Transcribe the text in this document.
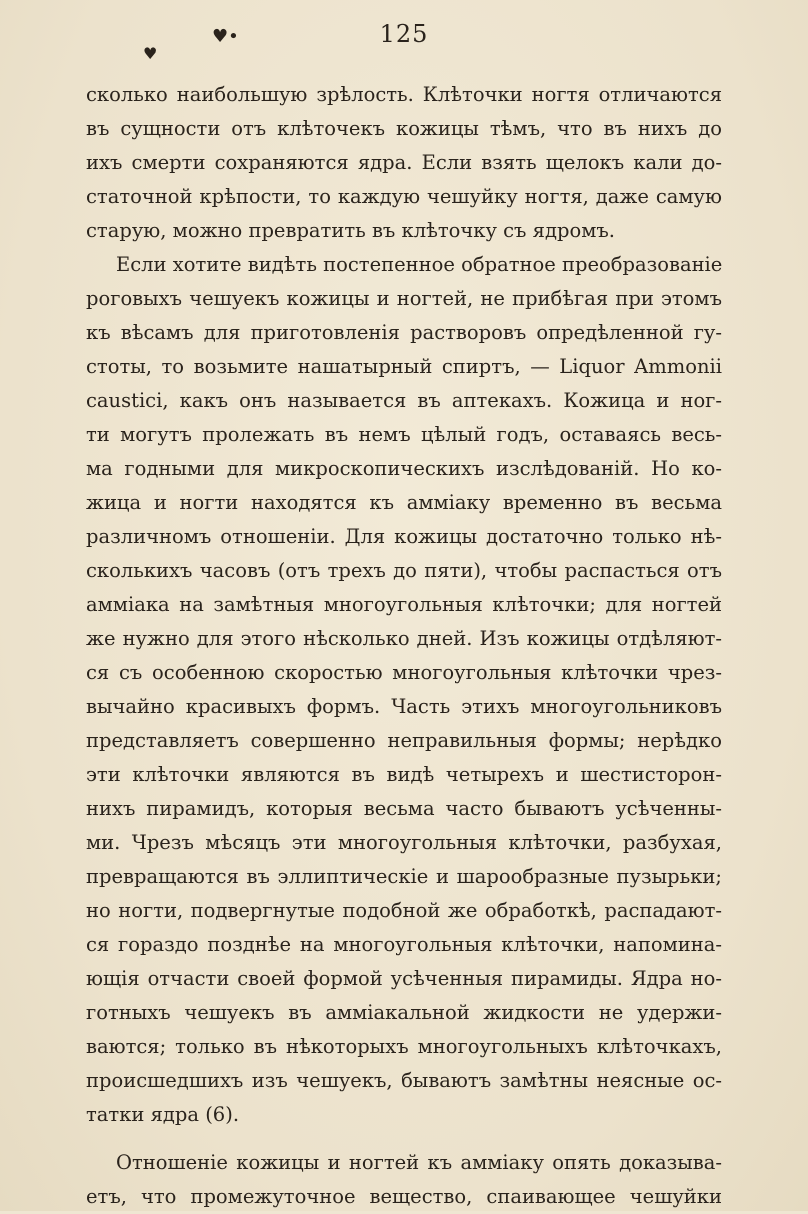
♥
♥•	125
сколько наибольшую зрѣлость. Клѣточки ногтя отличаются
въ сущности отъ клѣточекъ кожицы тѣмъ, что въ нихъ до
ихъ смерти сохраняются ядра. Если взять щелокъ кали до-
статочной крѣпости, то каждую чешуйку ногтя, даже самую
старую, можно превратить въ клѣточку съ ядромъ.
Если хотите видѣть постепенное обратное преобразованіе
роговыхъ чешуекъ кожицы и ногтей, не прибѣгая при этомъ
къ вѣсамъ для приготовленія растворовъ опредѣленной гу-
стоты, то возьмите нашатырный спиртъ, — Liquor Ammonii
caustici, какъ онъ называется въ аптекахъ. Кожица и ног-
ти могутъ пролежать въ немъ цѣлый годъ, оставаясь весь-
ма годными для микроскопическихъ изслѣдованій. Но ко-
жица и ногти находятся къ аммiаку временно въ весьма
различномъ отношеніи. Для кожицы достаточно только нѣ-
сколькихъ часовъ (отъ трехъ до пяти), чтобы распасться отъ
аммiака на замѣтныя многоугольныя клѣточки; для ногтей
же нужно для этого нѣсколько дней. Изъ кожицы отдѣляют-
ся съ особенною скоростью многоугольныя клѣточки чрез-
вычайно красивыхъ формъ. Часть этихъ многоугольниковъ
представляетъ совершенно неправильныя формы; нерѣдко
эти клѣточки являются въ видѣ четырехъ и шестисторон-
нихъ пирамидъ, которыя весьма часто бываютъ усѣченны-
ми. Чрезъ мѣсяцъ эти многоугольныя клѣточки, разбухая,
превращаются въ эллиптическіе и шарообразные пузырьки;
но ногти, подвергнутые подобной же обработкѣ, распадают-
ся гораздо позднѣе на многоугольныя клѣточки, напомина-
ющія отчасти своей формой усѣченныя пирамиды. Ядра но-
готныхъ чешуекъ въ аммiакальной жидкости не удержи-
ваются; только въ нѣкоторыхъ многоугольныхъ клѣточкахъ,
происшедшихъ изъ чешуекъ, бываютъ замѣтны неясные ос-
татки ядра (6).
Отношеніе кожицы и ногтей къ аммiаку опять доказыва-
етъ, что промежуточное вещество, спаивающее чешуйки
